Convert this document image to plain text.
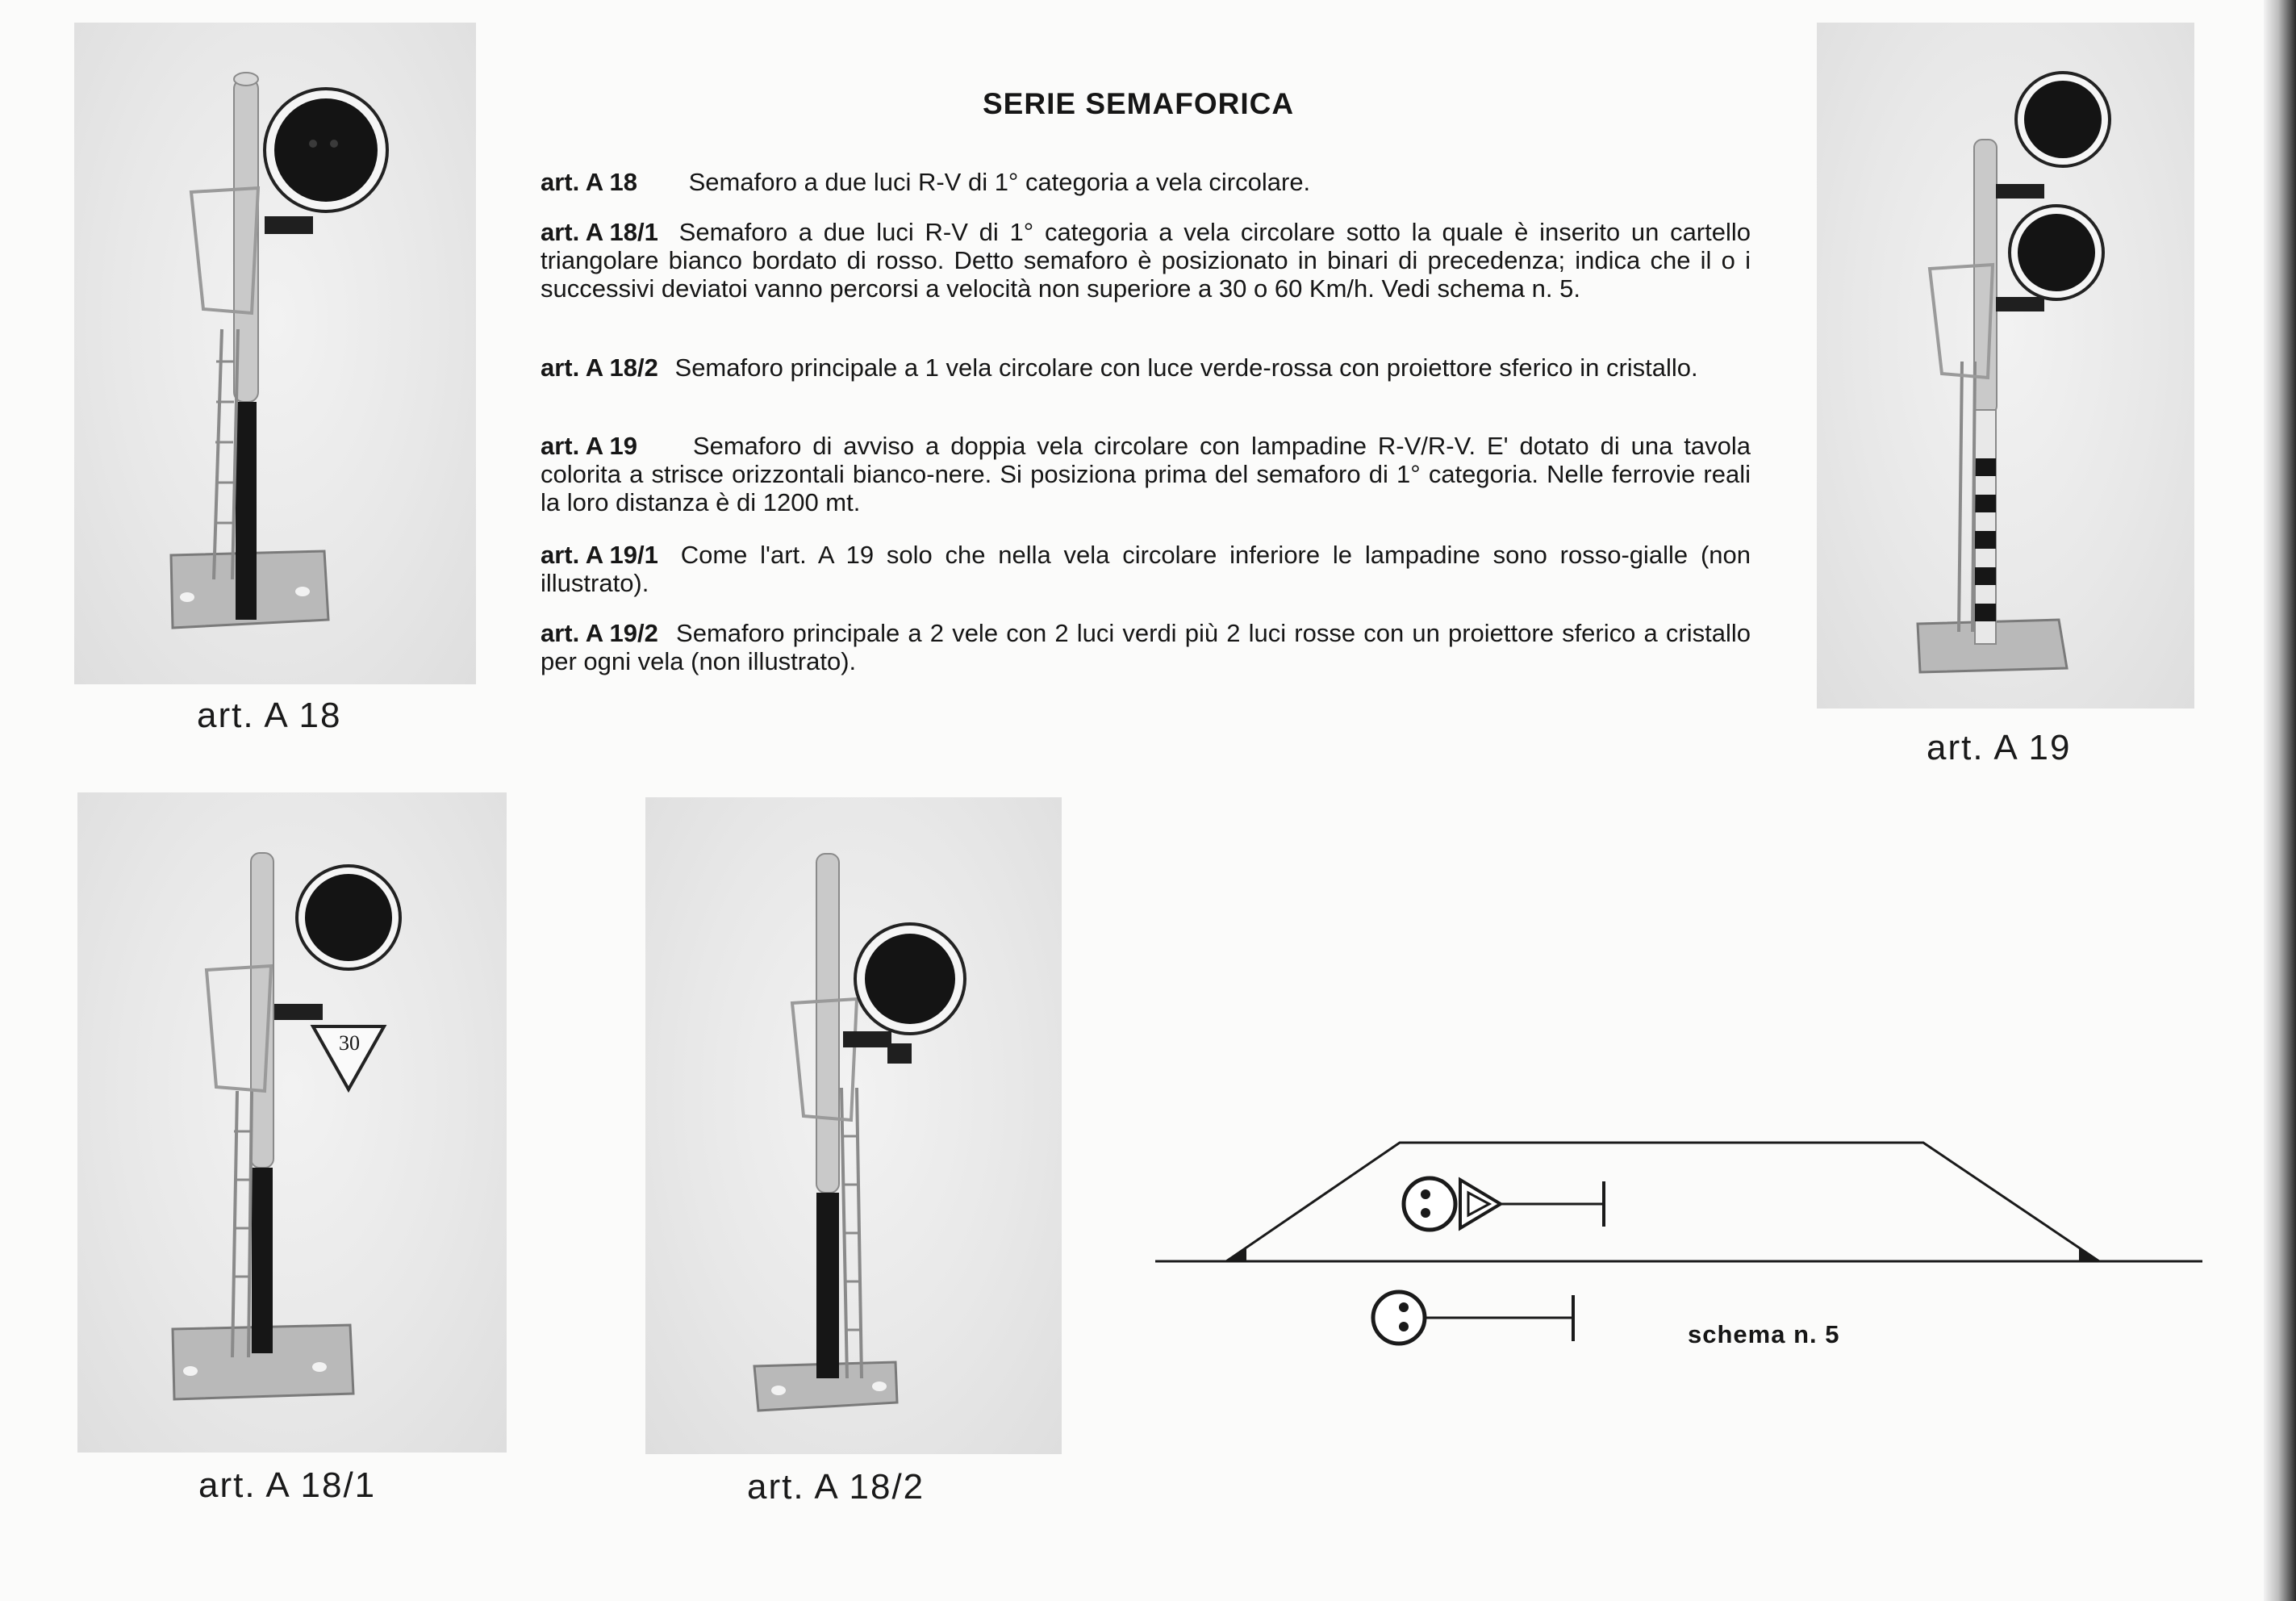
art. A 18
SERIE SEMAFORICA
art. A 18 Semaforo a due luci R-V di 1° categoria a vela circolare.
art. A 18/1 Semaforo a due luci R-V di 1° categoria a vela circolare sotto la quale è inserito un cartello triangolare bianco bordato di rosso. Detto semaforo è posizionato in binari di precedenza; indica che il o i successivi deviatoi vanno percorsi a velocità non superiore a 30 o 60 Km/h. Vedi schema n. 5.
art. A 18/2 Semaforo principale a 1 vela circolare con luce verde-rossa con proiettore sferico in cristallo.
art. A 19 Semaforo di avviso a doppia vela circolare con lampadine R-V/R-V. E' dotato di una tavola colorita a strisce orizzontali bianco-nere. Si posiziona prima del semaforo di 1° categoria. Nelle ferrovie reali la loro distanza è di 1200 mt.
art. A 19/1 Come l'art. A 19 solo che nella vela circolare inferiore le lampadine sono rosso-gialle (non illustrato).
art. A 19/2 Semaforo principale a 2 vele con 2 luci verdi più 2 luci rosse con un proiettore sferico a cristallo per ogni vela (non illustrato).
art. A 19
30
art. A 18/1	art. A 18/2
schema n. 5
